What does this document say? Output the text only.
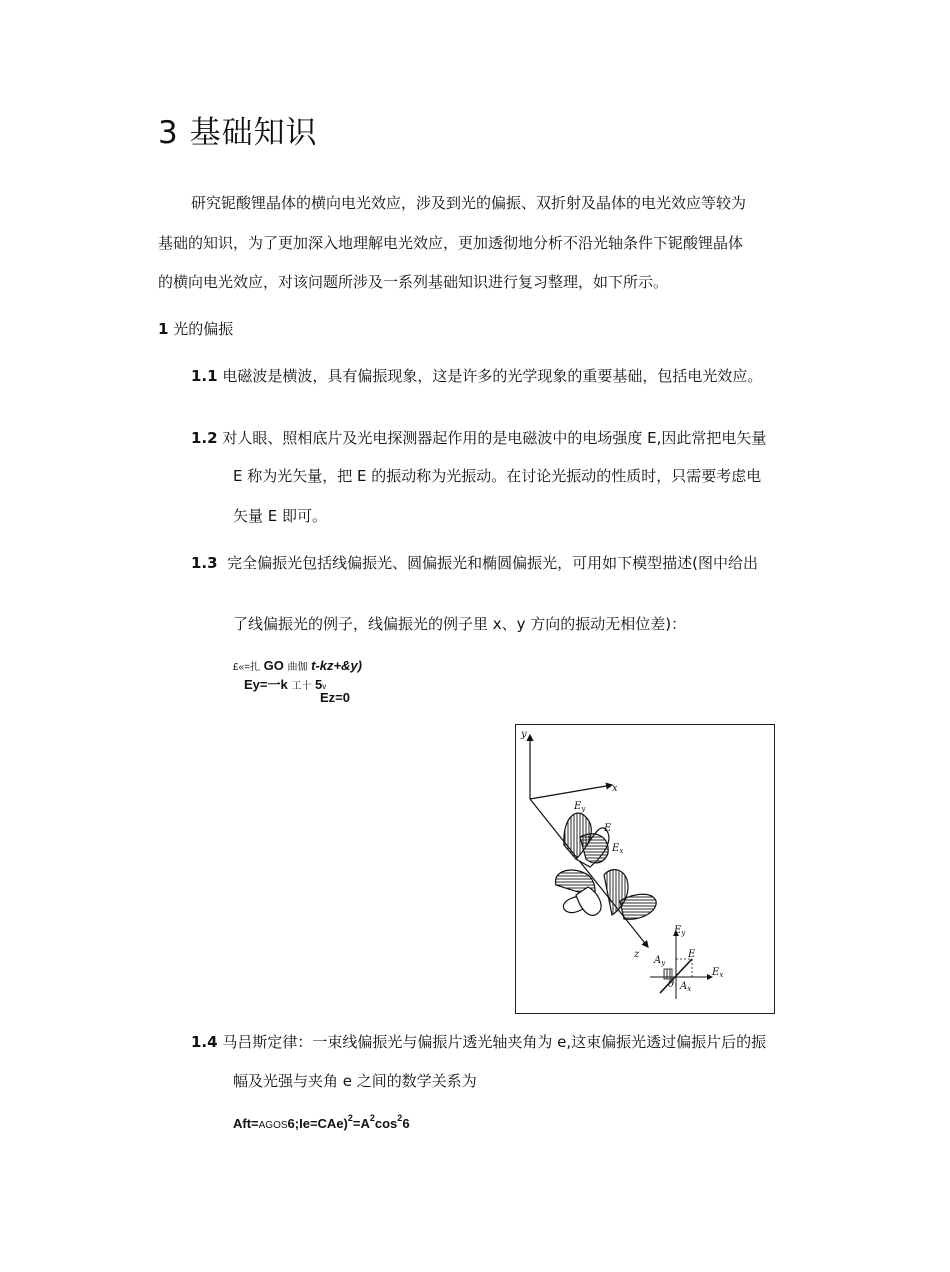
3 基础知识
研究铌酸锂晶体的横向电光效应，涉及到光的偏振、双折射及晶体的电光效应等较为
基础的知识，为了更加深入地理解电光效应，更加透彻地分析不沿光轴条件下铌酸锂晶体
的横向电光效应，对该问题所涉及一系列基础知识进行复习整理，如下所示。
1 光的偏振
1.1 电磁波是横波，具有偏振现象，这是许多的光学现象的重要基础，包括电光效应。
1.2 对人眼、照相底片及光电探测器起作用的是电磁波中的电场强度 E,因此常把电矢量
E 称为光矢量，把 E 的振动称为光振动。在讨论光振动的性质时，只需要考虑电
矢量 E 即可。
1.3 完全偏振光包括线偏振光、圆偏振光和椭圆偏振光，可用如下模型描述(图中给出
了线偏振光的例子，线偏振光的例子里 x、y 方向的振动无相位差)：
£«=扎 GO 曲伽 t-kz+&y)
Ey=一k 工十 5v
Ez=0
y
x
z
$E_y$
E
$E_x$
$E_y$
E
$A_y$
θ $A_x$
$E_x$
1.4 马吕斯定律：一束线偏振光与偏振片透光轴夹角为 e,这束偏振光透过偏振片后的振
幅及光强与夹角 e 之间的数学关系为
$Aft=AGOS6;Ie=CAe)^2=A^2\cos^26$
